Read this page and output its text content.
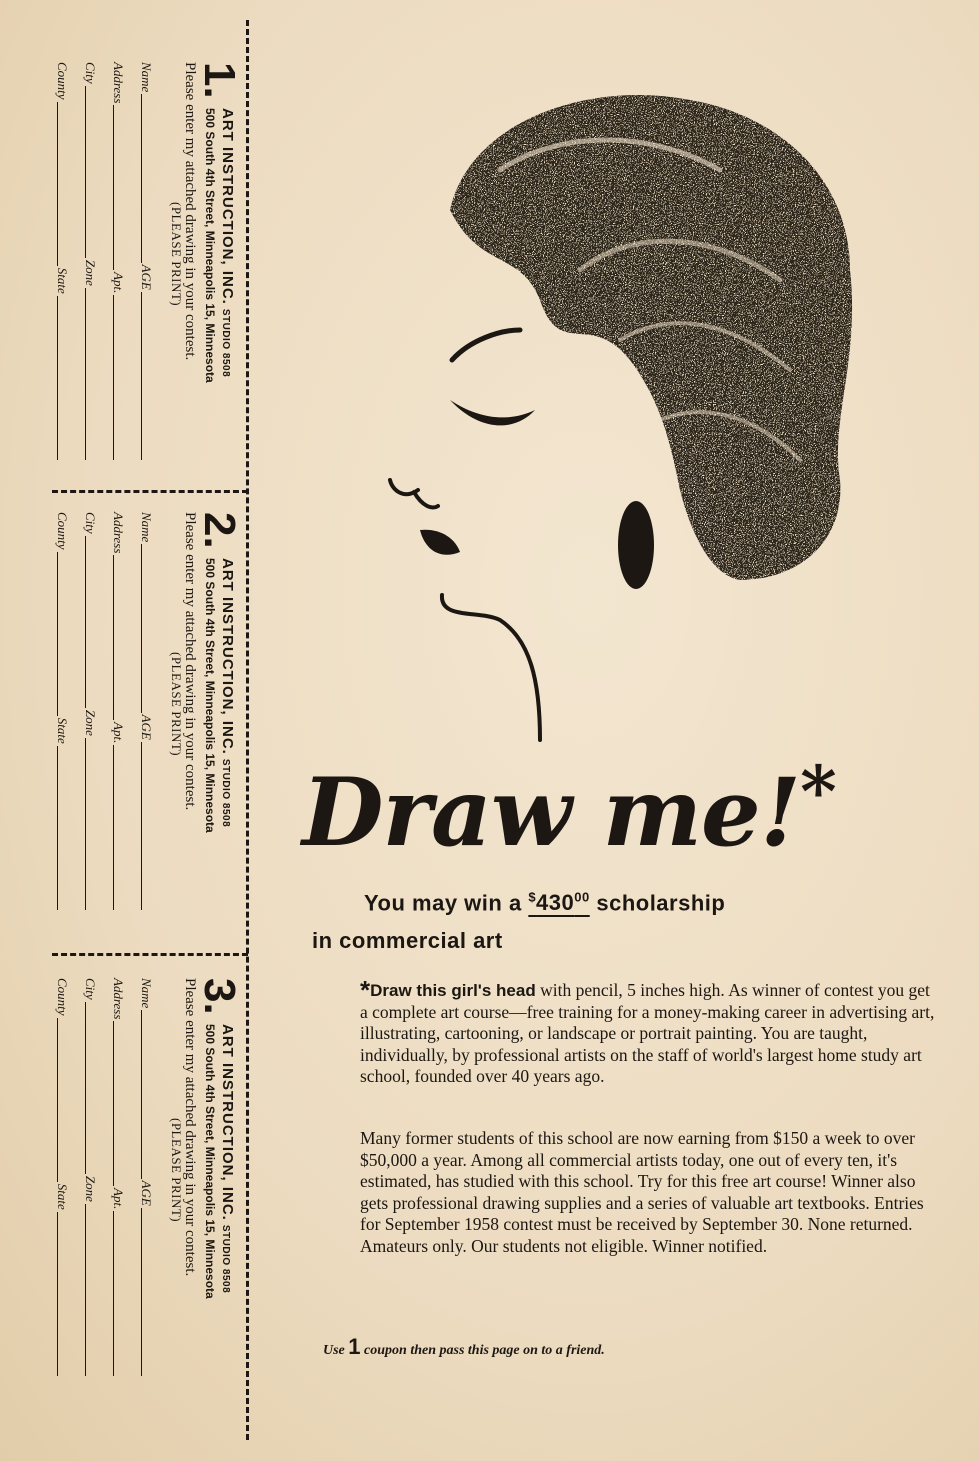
1.
ART INSTRUCTION, INC.STUDIO 8508
500 South 4th Street, Minneapolis 15, Minnesota
Please enter my attached drawing in your contest.
(PLEASE PRINT)
Name
AGE
Address
Apt.
City
Zone
County
State
2.
ART INSTRUCTION, INC.STUDIO 8508
500 South 4th Street, Minneapolis 15, Minnesota
Please enter my attached drawing in your contest.
(PLEASE PRINT)
Name
AGE
Address
Apt.
City
Zone
County
State
3.
ART INSTRUCTION, INC.STUDIO 8508
500 South 4th Street, Minneapolis 15, Minnesota
Please enter my attached drawing in your contest.
(PLEASE PRINT)
Name
AGE
Address
Apt.
City
Zone
County
State
Draw me!*
You may win a $^{\$}430^{00}$ scholarship
in commercial art
*Draw this girl's head with pencil, 5 inches high. As winner of contest you get a complete art course—free training for a money-making career in advertising art, illustrating, cartooning, or landscape or portrait painting. You are taught, individually, by professional artists on the staff of world's largest home study art school, founded over 40 years ago.
Many former students of this school are now earning from $150 a week to over $50,000 a year. Among all commercial artists today, one out of every ten, it's estimated, has studied with this school. Try for this free art course! Winner also gets professional drawing supplies and a series of valuable art textbooks. Entries for September 1958 contest must be received by September 30. None returned. Amateurs only. Our students not eligible. Winner notified.
Use 1 coupon then pass this page on to a friend.
